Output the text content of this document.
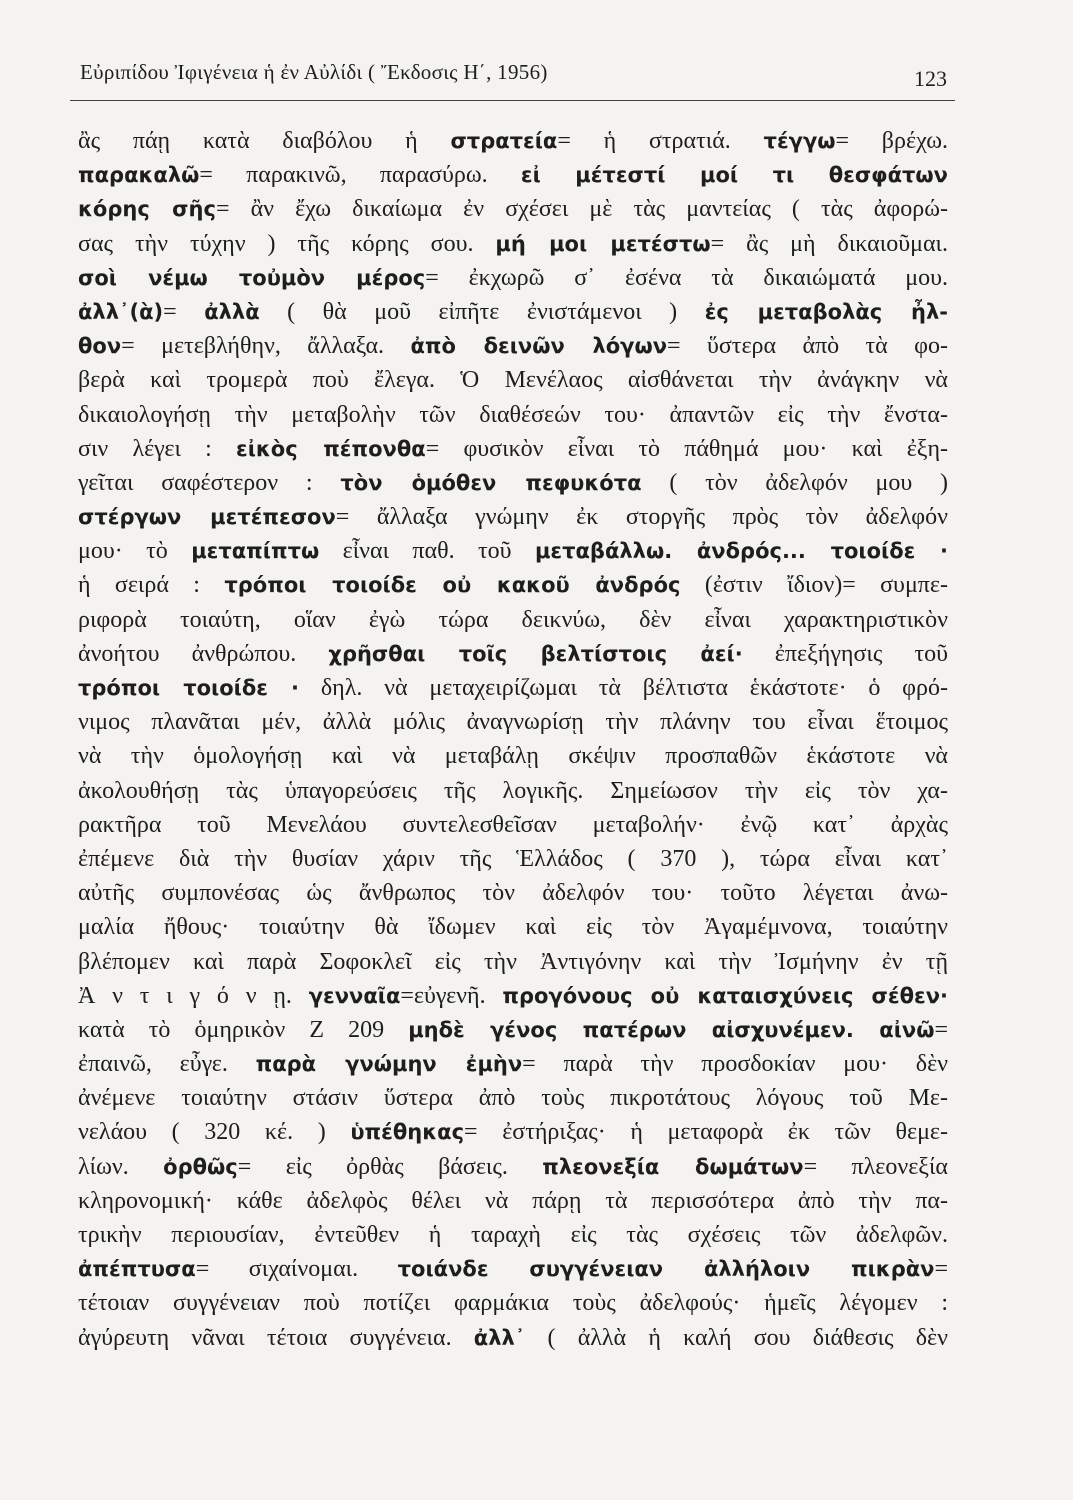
Εὐριπίδου Ἰφιγένεια ἡ ἐν Αὐλίδι ( Ἔκδοσις Η΄, 1956)	123
ἂς πάῃ κατὰ διαβόλου ἡ στρατεία= ἡ στρατιά. τέγγω= βρέχω.
παρακαλῶ= παρακινῶ, παρασύρω. εἰ μέτεστί μοί τι θεσφάτων
κόρης σῆς= ἂν ἔχω δικαίωμα ἐν σχέσει μὲ τὰς μαντείας ( τὰς ἀφορώ-
σας τὴν τύχην ) τῆς κόρης σου. μή μοι μετέστω= ἂς μὴ δικαιοῦμαι.
σοὶ νέμω τοὐμὸν μέρος= ἐκχωρῶ σ᾽ ἐσένα τὰ δικαιώματά μου.
ἀλλ᾽(ὰ)= ἀλλὰ ( θὰ μοῦ εἰπῆτε ἐνιστάμενοι ) ἐς μεταβολὰς ἦλ-
θον= μετεβλήθην, ἄλλαξα. ἀπὸ δεινῶν λόγων= ὕστερα ἀπὸ τὰ φο-
βερὰ καὶ τρομερὰ ποὺ ἔλεγα. Ὁ Μενέλαος αἰσθάνεται τὴν ἀνάγκην νὰ
δικαιολογήσῃ τὴν μεταβολὴν τῶν διαθέσεών του· ἀπαντῶν εἰς τὴν ἔνστα-
σιν λέγει : εἰκὸς πέπονθα= φυσικὸν εἶναι τὸ πάθημά μου· καὶ ἐξη-
γεῖται σαφέστερον : τὸν ὁμόθεν πεφυκότα ( τὸν ἀδελφόν μου )
στέργων μετέπεσον= ἄλλαξα γνώμην ἐκ στοργῆς πρὸς τὸν ἀδελφόν
μου· τὸ μεταπίπτω εἶναι παθ. τοῦ μεταβάλλω. ἀνδρός... τοιοίδε ·
ἡ σειρά : τρόποι τοιοίδε οὐ κακοῦ ἀνδρός (ἐστιν ἴδιον)= συμπε-
ριφορὰ τοιαύτη, οἵαν ἐγὼ τώρα δεικνύω, δὲν εἶναι χαρακτηριστικὸν
ἀνοήτου ἀνθρώπου. χρῆσθαι τοῖς βελτίστοις ἀεί· ἐπεξήγησις τοῦ
τρόποι τοιοίδε · δηλ. νὰ μεταχειρίζωμαι τὰ βέλτιστα ἑκάστοτε· ὁ φρό-
νιμος πλανᾶται μέν, ἀλλὰ μόλις ἀναγνωρίσῃ τὴν πλάνην του εἶναι ἕτοιμος
νὰ τὴν ὁμολογήσῃ καὶ νὰ μεταβάλῃ σκέψιν προσπαθῶν ἑκάστοτε νὰ
ἀκολουθήσῃ τὰς ὑπαγορεύσεις τῆς λογικῆς. Σημείωσον τὴν εἰς τὸν χα-
ρακτῆρα τοῦ Μενελάου συντελεσθεῖσαν μεταβολήν· ἐνῷ κατ᾽ ἀρχὰς
ἐπέμενε διὰ τὴν θυσίαν χάριν τῆς Ἑλλάδος ( 370 ), τώρα εἶναι κατ᾽
αὐτῆς συμπονέσας ὡς ἄνθρωπος τὸν ἀδελφόν του· τοῦτο λέγεται ἀνω-
μαλία ἤθους· τοιαύτην θὰ ἴδωμεν καὶ εἰς τὸν Ἀγαμέμνονα, τοιαύτην
βλέπομεν καὶ παρὰ Σοφοκλεῖ εἰς τὴν Ἀντιγόνην καὶ τὴν Ἰσμήνην ἐν τῇ
Ἀ ν τ ι γ ό ν ῃ. γενναῖα=εὐγενῆ. προγόνους οὐ καταισχύνεις σέθεν·
κατὰ τὸ ὁμηρικὸν Ζ 209 μηδὲ γένος πατέρων αἰσχυνέμεν. αἰνῶ=
ἐπαινῶ, εὖγε. παρὰ γνώμην ἐμὴν= παρὰ τὴν προσδοκίαν μου· δὲν
ἀνέμενε τοιαύτην στάσιν ὕστερα ἀπὸ τοὺς πικροτάτους λόγους τοῦ Με-
νελάου ( 320 κέ. ) ὑπέθηκας= ἐστήριξας· ἡ μεταφορὰ ἐκ τῶν θεμε-
λίων. ὀρθῶς= εἰς ὀρθὰς βάσεις. πλεονεξία δωμάτων= πλεονεξία
κληρονομική· κάθε ἀδελφὸς θέλει νὰ πάρῃ τὰ περισσότερα ἀπὸ τὴν πα-
τρικὴν περιουσίαν, ἐντεῦθεν ἡ ταραχὴ εἰς τὰς σχέσεις τῶν ἀδελφῶν.
ἀπέπτυσα= σιχαίνομαι. τοιάνδε συγγένειαν ἀλλήλοιν πικρὰν=
τέτοιαν συγγένειαν ποὺ ποτίζει φαρμάκια τοὺς ἀδελφούς· ἡμεῖς λέγομεν :
ἀγύρευτη νᾶναι τέτοια συγγένεια. ἀλλ᾽ ( ἀλλὰ ἡ καλή σου διάθεσις δὲν
